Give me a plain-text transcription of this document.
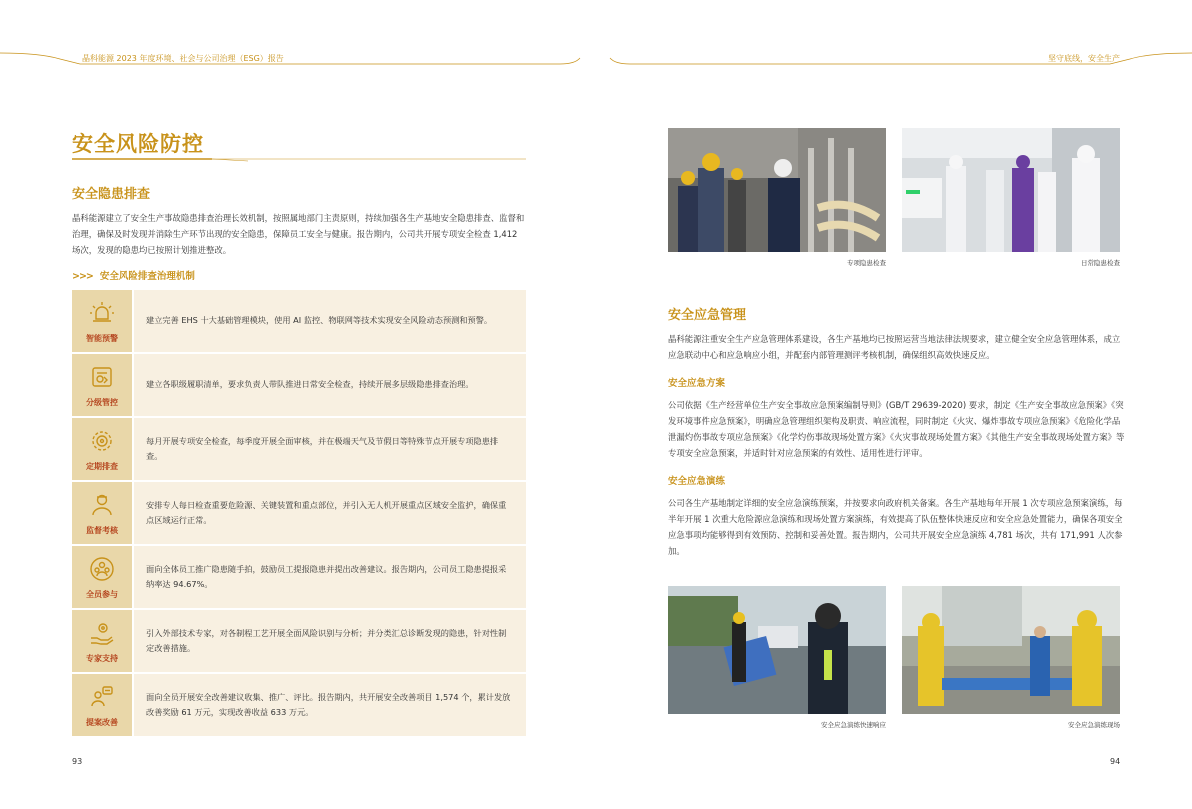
晶科能源 2023 年度环境、社会与公司治理（ESG）报告	坚守底线，安全生产
安全风险防控
安全隐患排查
晶科能源建立了安全生产事故隐患排查治理长效机制，按照属地部门主责原则，持续加强各生产基地安全隐患排查、监督和治理，确保及时发现并消除生产环节出现的安全隐患，保障员工安全与健康。报告期内，公司共开展专项安全检查 1,412 场次，发现的隐患均已按照计划推进整改。
>>> 安全风险排查治理机制
智能预警
建立完善 EHS 十大基础管理模块，使用 AI 监控、物联网等技术实现安全风险动态预测和预警。
分级管控
建立各职级履职清单，要求负责人带队推进日常安全检查，持续开展多层级隐患排查治理。
定期排查
每月开展专项安全检查，每季度开展全面审核，并在极端天气及节假日等特殊节点开展专项隐患排查。
监督考核
安排专人每日检查重要危险源、关键装置和重点部位，并引入无人机开展重点区域安全监护，确保重点区域运行正常。
全员参与
面向全体员工推广隐患随手拍，鼓励员工提报隐患并提出改善建议。报告期内，公司员工隐患提报采纳率达 94.67%。
专家支持
引入外部技术专家，对各制程工艺开展全面风险识别与分析；并分类汇总诊断发现的隐患，针对性制定改善措施。
提案改善
面向全员开展安全改善建议收集、推广、评比。报告期内，共开展安全改善项目 1,574 个，累计发放改善奖励 61 万元，实现改善收益 633 万元。
93
专项隐患检查	日常隐患检查
安全应急管理
晶科能源注重安全生产应急管理体系建设，各生产基地均已按照运营当地法律法规要求，建立健全安全应急管理体系，成立应急联动中心和应急响应小组，并配套内部管理测评考核机制，确保组织高效快速反应。
安全应急方案
公司依据《生产经营单位生产安全事故应急预案编制导则》(GB/T 29639-2020) 要求，制定《生产安全事故应急预案》《突发环境事件应急预案》，明确应急管理组织架构及职责、响应流程，同时制定《火灾、爆炸事故专项应急预案》《危险化学品泄漏灼伤事故专项应急预案》《化学灼伤事故现场处置方案》《火灾事故现场处置方案》《其他生产安全事故现场处置方案》等专项安全应急预案，并适时针对应急预案的有效性、适用性进行评审。
安全应急演练
公司各生产基地制定详细的安全应急演练预案，并按要求向政府机关备案。各生产基地每年开展 1 次专项应急预案演练，每半年开展 1 次重大危险源应急演练和现场处置方案演练，有效提高了队伍整体快速反应和安全应急处置能力，确保各项安全应急事项均能够得到有效预防、控制和妥善处置。报告期内，公司共开展安全应急演练 4,781 场次，共有 171,991 人次参加。
安全应急演练快速响应	安全应急演练现场
94
